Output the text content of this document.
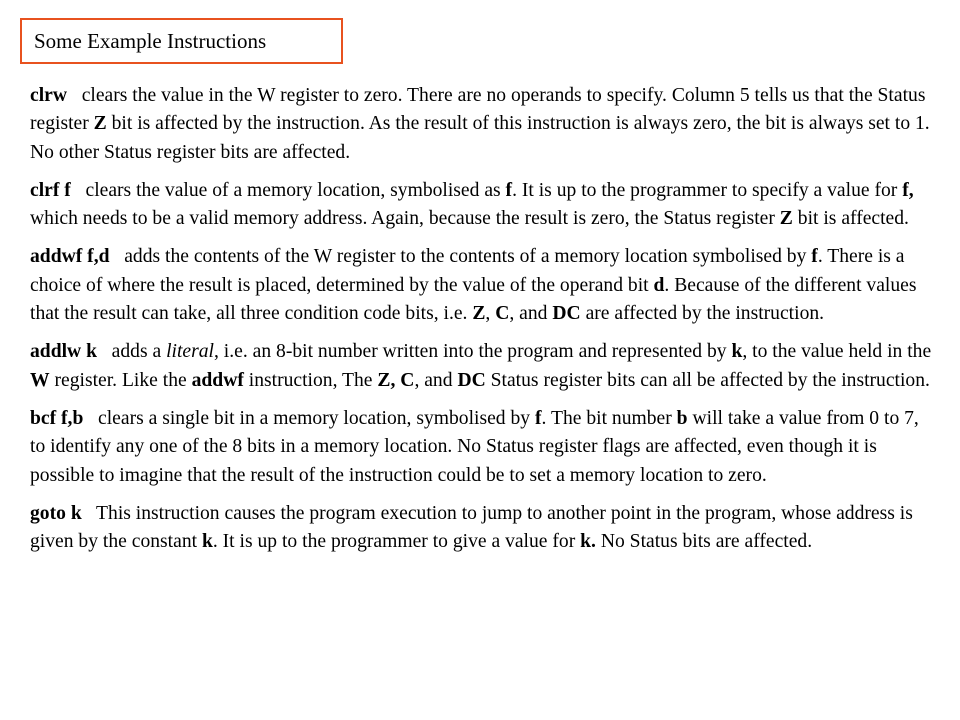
Some Example Instructions

clrw   clears the value in the W register to zero. There are no operands to specify. Column 5 tells us that the Status register Z bit is affected by the instruction. As the result of this instruction is always zero, the bit is always set to 1. No other Status register bits are affected.

clrf f   clears the value of a memory location, symbolised as f. It is up to the programmer to specify a value for f, which needs to be a valid memory address. Again, because the result is zero, the Status register Z bit is affected.

addwf f,d   adds the contents of the W register to the contents of a memory location symbolised by f. There is a choice of where the result is placed, determined by the value of the operand bit d. Because of the different values that the result can take, all three condition code bits, i.e. Z, C, and DC are affected by the instruction.

addlw k   adds a literal, i.e. an 8-bit number written into the program and represented by k, to the value held in the W register. Like the addwf instruction, The Z, C, and DC Status register bits can all be affected by the instruction.

bcf f,b   clears a single bit in a memory location, symbolised by f. The bit number b will take a value from 0 to 7, to identify any one of the 8 bits in a memory location. No Status register flags are affected, even though it is possible to imagine that the result of the instruction could be to set a memory location to zero.

goto k   This instruction causes the program execution to jump to another point in the program, whose address is given by the constant k. It is up to the programmer to give a value for k. No Status bits are affected.
